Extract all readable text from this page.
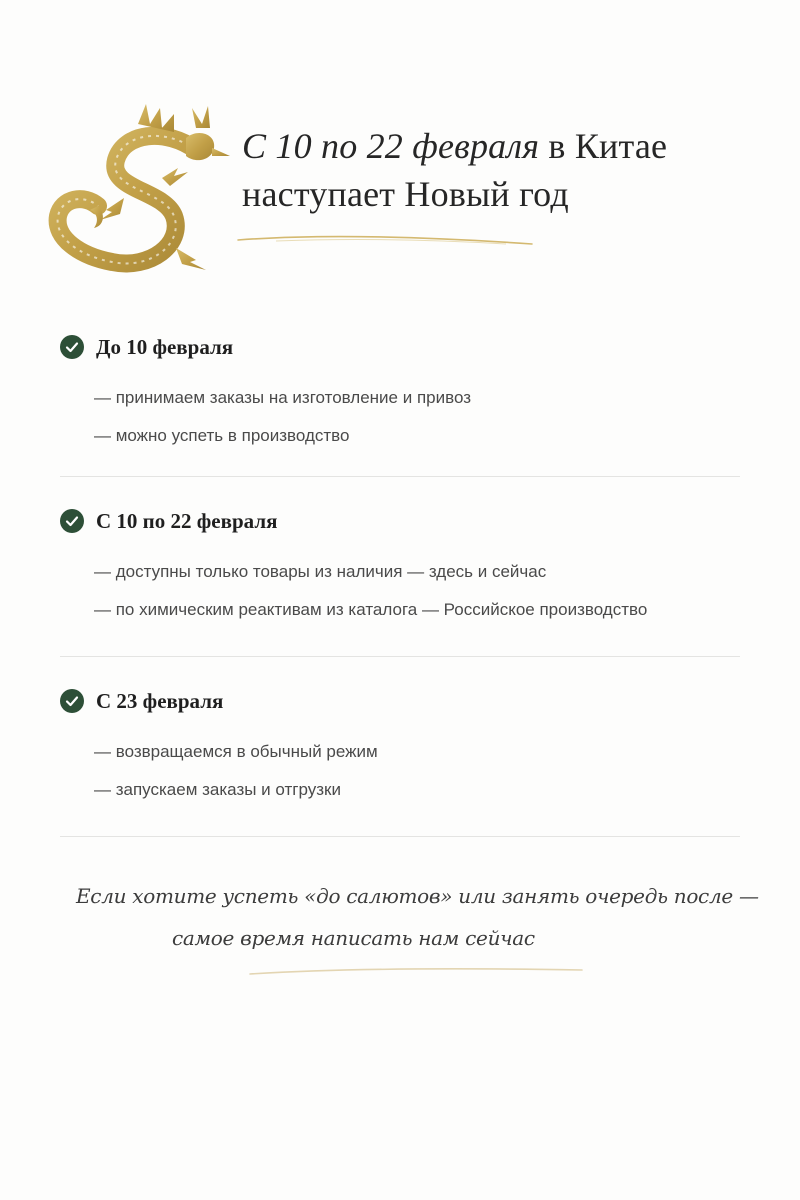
С 10 по 22 февраля в Китае
наступает Новый год
До 10 февраля
— принимаем заказы на изготовление и привоз
— можно успеть в производство
С 10 по 22 февраля
— доступны только товары из наличия — здесь и сейчас
— по химическим реактивам из каталога — Российское производство
С 23 февраля
— возвращаемся в обычный режим
— запускаем заказы и отгрузки
Если хотите успеть «до салютов» или занять очередь после —
самое время написать нам сейчас
